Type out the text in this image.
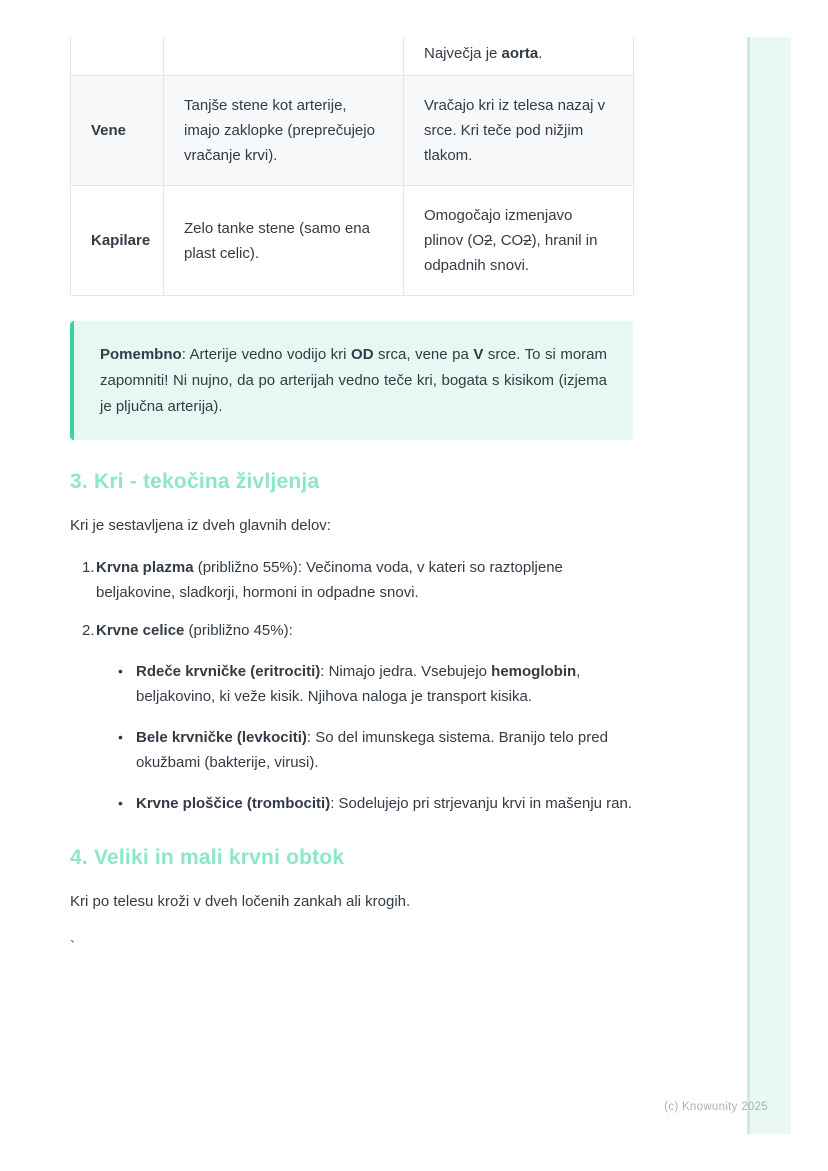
		Največja je aorta.
Vene	Tanjše stene kot arterije, imajo zaklopke (preprečujejo vračanje krvi).	Vračajo kri iz telesa nazaj v srce. Kri teče pod nižjim tlakom.
Kapilare	Zelo tanke stene (samo ena plast celic).	Omogočajo izmenjavo plinov (O2, CO2), hranil in odpadnih snovi.
Pomembno: Arterije vedno vodijo kri OD srca, vene pa V srce. To si moram zapomniti! Ni nujno, da po arterijah vedno teče kri, bogata s kisikom (izjema je pljučna arterija).
3. Kri - tekočina življenja
Kri je sestavljena iz dveh glavnih delov:
1. Krvna plazma (približno 55%): Večinoma voda, v kateri so raztopljene beljakovine, sladkorji, hormoni in odpadne snovi.
2. Krvne celice (približno 45%):
• Rdeče krvničke (eritrociti): Nimajo jedra. Vsebujejo hemoglobin, beljakovino, ki veže kisik. Njihova naloga je transport kisika.
• Bele krvničke (levkociti): So del imunskega sistema. Branijo telo pred okužbami (bakterije, virusi).
• Krvne ploščice (trombociti): Sodelujejo pri strjevanju krvi in mašenju ran.
4. Veliki in mali krvni obtok
Kri po telesu kroži v dveh ločenih zankah ali krogih.
`
(c) Knowunity 2025
